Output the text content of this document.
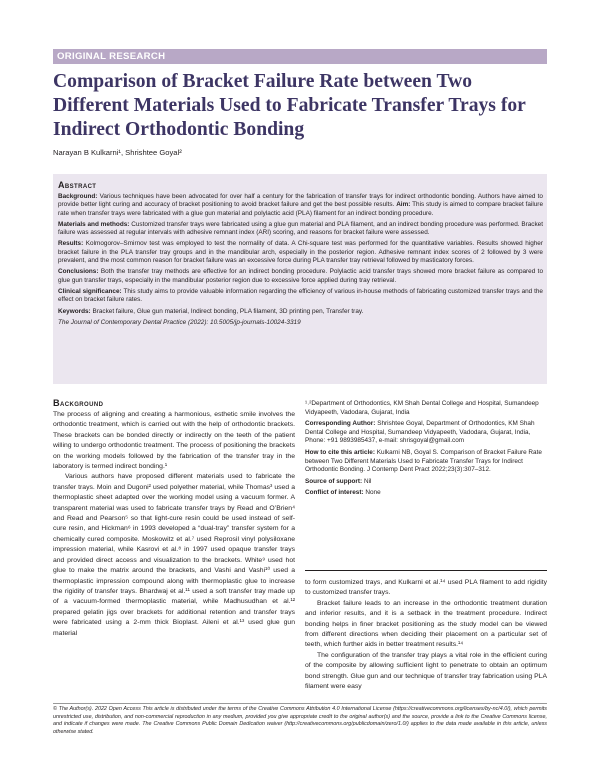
ORIGINAL RESEARCH
Comparison of Bracket Failure Rate between Two Different Materials Used to Fabricate Transfer Trays for Indirect Orthodontic Bonding
Narayan B Kulkarni¹, Shrishtee Goyal²
Abstract

Background: Various techniques have been advocated for over half a century for the fabrication of transfer trays for indirect orthodontic bonding. Authors have aimed to provide better light curing and accuracy of bracket positioning to avoid bracket failure and get the best possible results. Aim: This study is aimed to compare bracket failure rate when transfer trays were fabricated with a glue gun material and polylactic acid (PLA) filament for an indirect bonding procedure.

Materials and methods: Customized transfer trays were fabricated using a glue gun material and PLA filament, and an indirect bonding procedure was performed. Bracket failure was assessed at regular intervals with adhesive remnant index (ARI) scoring, and reasons for bracket failure were assessed.

Results: Kolmogorov–Smirnov test was employed to test the normality of data. A Chi-square test was performed for the quantitative variables. Results showed higher bracket failure in the PLA transfer tray groups and in the mandibular arch, especially in the posterior region. Adhesive remnant index scores of 2 followed by 3 were prevalent, and the most common reason for bracket failure was an excessive force during PLA transfer tray retrieval followed by masticatory forces.

Conclusions: Both the transfer tray methods are effective for an indirect bonding procedure. Polylactic acid transfer trays showed more bracket failure as compared to glue gun transfer trays, especially in the mandibular posterior region due to excessive force applied during tray retrieval.

Clinical significance: This study aims to provide valuable information regarding the efficiency of various in-house methods of fabricating customized transfer trays and the effect on bracket failure rates.

Keywords: Bracket failure, Glue gun material, Indirect bonding, PLA filament, 3D printing pen, Transfer tray.

The Journal of Contemporary Dental Practice (2022): 10.5005/jp-journals-10024-3319

Background

The process of aligning and creating a harmonious, esthetic smile involves the orthodontic treatment, which is carried out with the help of orthodontic brackets. These brackets can be bonded directly or indirectly on the teeth of the patient willing to undergo orthodontic treatment. The process of positioning the brackets on the working models followed by the fabrication of the transfer tray in the laboratory is termed indirect bonding.¹

Various authors have proposed different materials used to fabricate the transfer trays. Moin and Dugoni² used polyether material, while Thomas³ used a thermoplastic sheet adapted over the working model using a vacuum former. A transparent material was used to fabricate transfer trays by Read and O’Brien⁴ and Read and Pearson⁵ so that light-cure resin could be used instead of self-cure resin, and Hickman⁶ in 1993 developed a “dual-tray” transfer system for a chemically cured composite. Moskowitz et al.⁷ used Reprosil vinyl polysiloxane impression material, while Kasrovi et al.⁸ in 1997 used opaque transfer trays and provided direct access and visualization to the brackets. White⁹ used hot glue to make the matrix around the brackets, and Vashi and Vashi¹⁰ used a thermoplastic impression compound along with thermoplastic glue to increase the rigidity of transfer trays. Bhardwaj et al.¹¹ used a soft transfer tray made up of a vacuum-formed thermoplastic material, while Madhusudhan et al.¹² prepared gelatin jigs over brackets for additional retention and transfer trays were fabricated using a 2-mm thick Bioplast. Aileni et al.¹³ used glue gun material

¹˒²Department of Orthodontics, KM Shah Dental College and Hospital, Sumandeep Vidyapeeth, Vadodara, Gujarat, India

Corresponding Author: Shrishtee Goyal, Department of Orthodontics, KM Shah Dental College and Hospital, Sumandeep Vidyapeeth, Vadodara, Gujarat, India, Phone: +91 9893985437, e-mail: shrisgoyal@gmail.com

How to cite this article: Kulkarni NB, Goyal S. Comparison of Bracket Failure Rate between Two Different Materials Used to Fabricate Transfer Trays for Indirect Orthodontic Bonding. J Contemp Dent Pract 2022;23(3):307–312.

Source of support: Nil

Conflict of interest: None

to form customized trays, and Kulkarni et al.¹⁴ used PLA filament to add rigidity to customized transfer trays.

Bracket failure leads to an increase in the orthodontic treatment duration and inferior results, and it is a setback in the treatment procedure. Indirect bonding helps in finer bracket positioning as the study model can be viewed from different directions when deciding their placement on a particular set of teeth, which further aids in better treatment results.¹⁴

The configuration of the transfer tray plays a vital role in the efficient curing of the composite by allowing sufficient light to penetrate to obtain an optimum bond strength. Glue gun and our technique of transfer tray fabrication using PLA filament were easy

© The Author(s). 2022 Open Access This article is distributed under the terms of the Creative Commons Attribution 4.0 International License (https://creativecommons.org/licenses/by-nc/4.0/), which permits unrestricted use, distribution, and non-commercial reproduction in any medium, provided you give appropriate credit to the original author(s) and the source, provide a link to the Creative Commons license, and indicate if changes were made. The Creative Commons Public Domain Dedication waiver (http://creativecommons.org/publicdomain/zero/1.0/) applies to the data made available in this article, unless otherwise stated.
